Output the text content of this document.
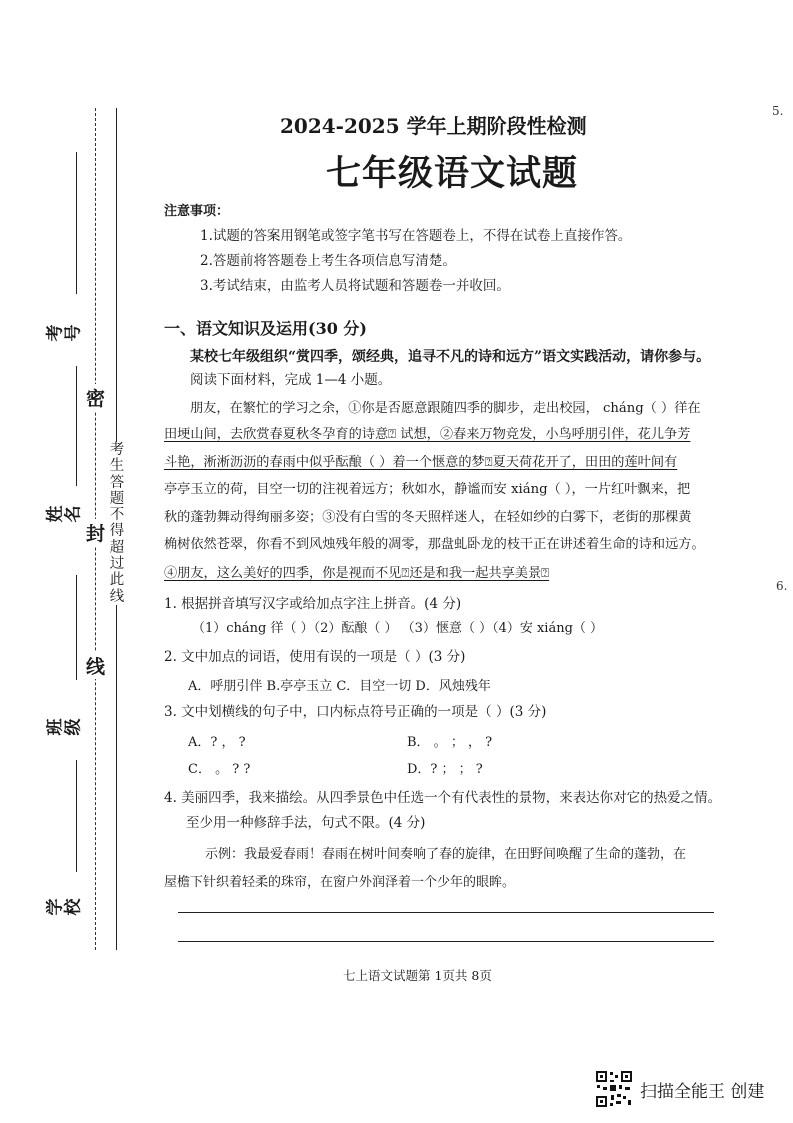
考号
姓名
班级
学校
密
封
线
考生答题不得超过此线
2024-2025 学年上期阶段性检测
七年级语文试题
注意事项：
1.试题的答案用钢笔或签字笔书写在答题卷上，不得在试卷上直接作答。
2.答题前将答题卷上考生各项信息写清楚。
3.考试结束，由监考人员将试题和答题卷一并收回。
一、语文知识及运用(30 分)
某校七年级组织“赏四季，颂经典，追寻不凡的诗和远方”语文实践活动，请你参与。
阅读下面材料，完成 1—4 小题。
朋友，在繁忙的学习之余，①你是否愿意跟随四季的脚步，走出校园， cháng（ ）徉在
田埂山间，去欣赏春夏秋冬孕育的诗意⍰ 试想，②春来万物竞发，小鸟呼朋引伴，花儿争芳
斗艳，淅淅沥沥的春雨中似乎酝酿（ ）着一个惬意的梦⍰夏天荷花开了，田田的莲叶间有
亭亭玉立的荷，目空一切的注视着远方；秋如水，静谧而安 xiáng（ ），一片红叶飘来，把
秋的蓬勃舞动得绚丽多姿；③没有白雪的冬天照样迷人，在轻如纱的白雾下，老街的那棵黄
桷树依然苍翠，你看不到风烛残年般的凋零，那盘虬卧龙的枝干正在讲述着生命的诗和远方。
④朋友，这么美好的四季，你是视而不见⍰还是和我一起共享美景⍰
1. 根据拼音填写汉字或给加点字注上拼音。(4 分)
（1）cháng 徉（ ）（2）酝酿（ ） （3）惬意（ ）（4）安 xiáng（ ）
2. 文中加点的词语，使用有误的一项是（ ）(3 分)
A．呼朋引伴 B.亭亭玉立 C．目空一切 D．风烛残年
3. 文中划横线的句子中，口内标点符号正确的一项是（ ）(3 分)
A．? ， ?	B． 。 ； ， ?
C． 。 ? ?	D．? ； ； ?
4. 美丽四季，我来描绘。从四季景色中任选一个有代表性的景物，来表达你对它的热爱之情。
至少用一种修辞手法，句式不限。(4 分)
示例：我最爱春雨！春雨在树叶间奏响了春的旋律，在田野间唤醒了生命的蓬勃，在
屋檐下针织着轻柔的珠帘，在窗户外润泽着一个少年的眼眸。
七上语文试题第 1页共 8页
5.
6.
扫描全能王 创建
